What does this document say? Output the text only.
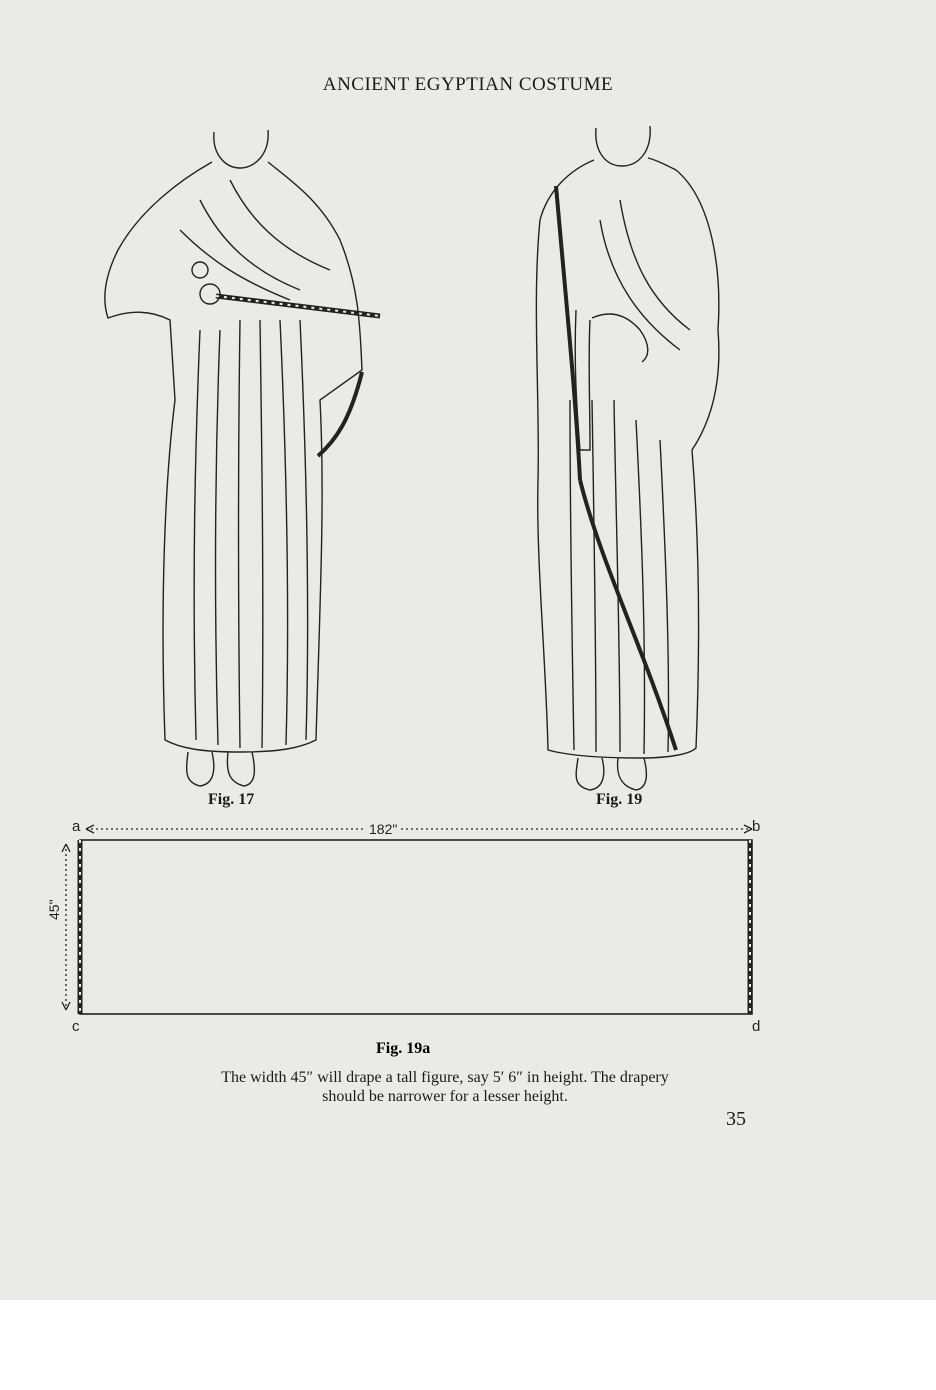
ANCIENT EGYPTIAN COSTUME
Fig. 17	Fig. 19
a	b
c	d
182"
45"
Fig. 19a
The width 45″ will drape a tall figure, say 5′ 6″ in height. The drapery
should be narrower for a lesser height.
35
